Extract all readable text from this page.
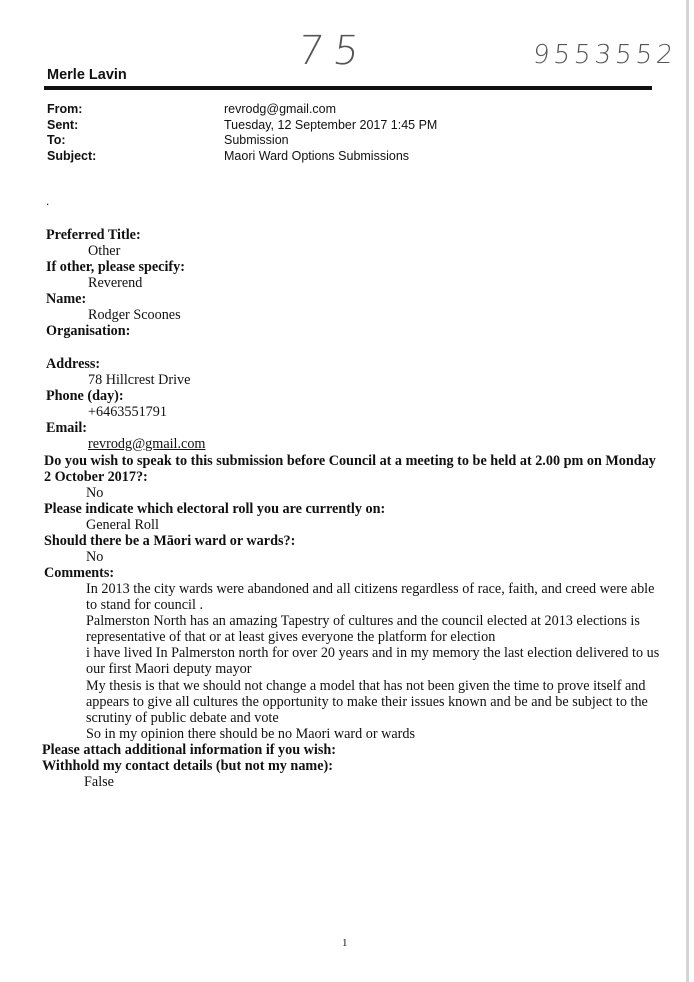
75	9553552
Merle Lavin
From:	revrodg@gmail.com
Sent:	Tuesday, 12 September 2017 1:45 PM
To:	Submission
Subject:	Maori Ward Options Submissions
.
Preferred Title:
Other
If other, please specify:
Reverend
Name:
Rodger Scoones
Organisation:
Address:
78 Hillcrest Drive
Phone (day):
+6463551791
Email:
revrodg@gmail.com
Do you wish to speak to this submission before Council at a meeting to be held at 2.00 pm on Monday
2 October 2017?:
No
Please indicate which electoral roll you are currently on:
General Roll
Should there be a Māori ward or wards?:
No
Comments:
In 2013 the city wards were abandoned and all citizens regardless of race, faith, and creed were able
to stand for council .
Palmerston North has an amazing Tapestry of cultures and the council elected at 2013 elections is
representative of that or at least gives everyone the platform for election
i have lived In Palmerston north for over 20 years and in my memory the last election delivered to us
our first Maori deputy mayor
My thesis is that we should not change a model that has not been given the time to prove itself and
appears to give all cultures the opportunity to make their issues known and be and be subject to the
scrutiny of public debate and vote
So in my opinion there should be no Maori ward or wards
Please attach additional information if you wish:
Withhold my contact details (but not my name):
False
1
